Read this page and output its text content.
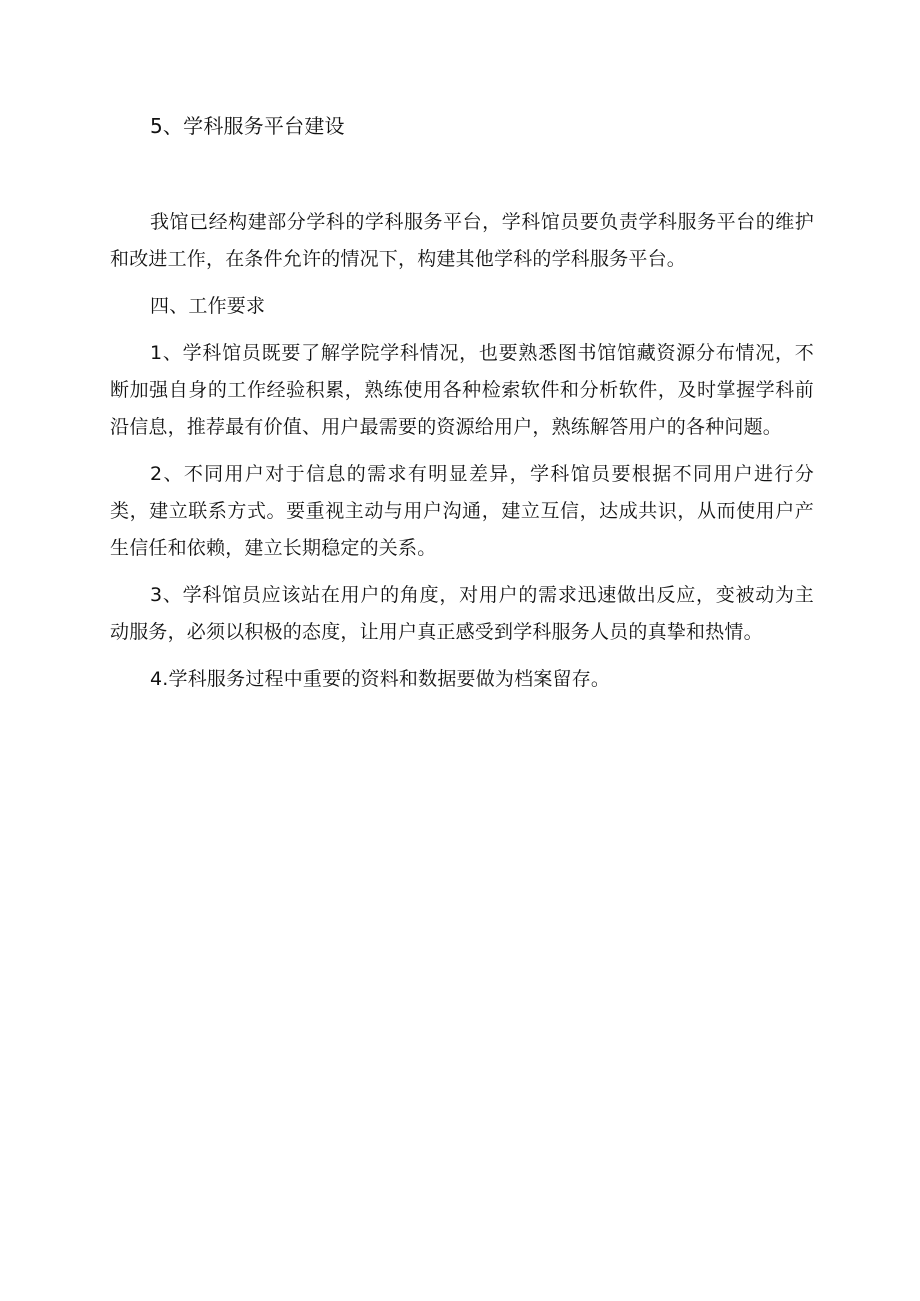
5、学科服务平台建设

我馆已经构建部分学科的学科服务平台，学科馆员要负责学科服务平台的维护和改进工作，在条件允许的情况下，构建其他学科的学科服务平台。

四、工作要求

1、学科馆员既要了解学院学科情况，也要熟悉图书馆馆藏资源分布情况，不断加强自身的工作经验积累，熟练使用各种检索软件和分析软件，及时掌握学科前沿信息，推荐最有价值、用户最需要的资源给用户，熟练解答用户的各种问题。

2、不同用户对于信息的需求有明显差异，学科馆员要根据不同用户进行分类，建立联系方式。要重视主动与用户沟通，建立互信，达成共识，从而使用户产生信任和依赖，建立长期稳定的关系。

3、学科馆员应该站在用户的角度，对用户的需求迅速做出反应，变被动为主动服务，必须以积极的态度，让用户真正感受到学科服务人员的真挚和热情。

4.学科服务过程中重要的资料和数据要做为档案留存。
